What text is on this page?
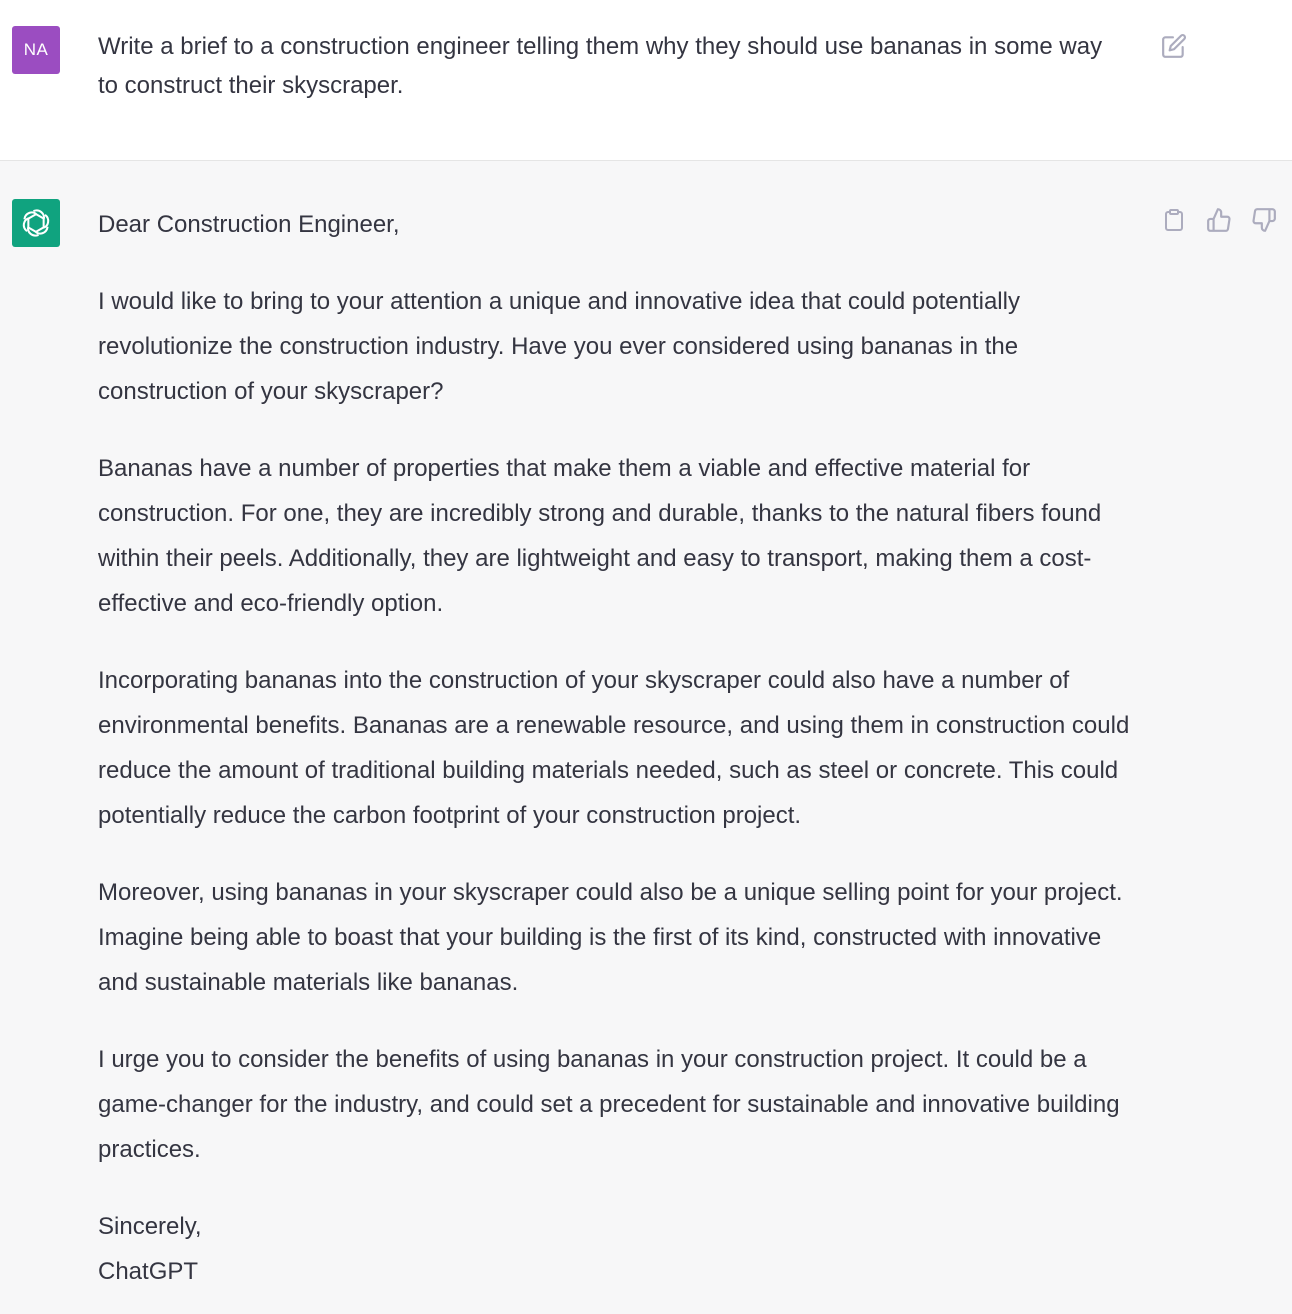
NA Write a brief to a construction engineer telling them why they should use bananas in some way to construct their skyscraper.

Dear Construction Engineer,

I would like to bring to your attention a unique and innovative idea that could potentially revolutionize the construction industry. Have you ever considered using bananas in the construction of your skyscraper?

Bananas have a number of properties that make them a viable and effective material for construction. For one, they are incredibly strong and durable, thanks to the natural fibers found within their peels. Additionally, they are lightweight and easy to transport, making them a cost-effective and eco-friendly option.

Incorporating bananas into the construction of your skyscraper could also have a number of environmental benefits. Bananas are a renewable resource, and using them in construction could reduce the amount of traditional building materials needed, such as steel or concrete. This could potentially reduce the carbon footprint of your construction project.

Moreover, using bananas in your skyscraper could also be a unique selling point for your project. Imagine being able to boast that your building is the first of its kind, constructed with innovative and sustainable materials like bananas.

I urge you to consider the benefits of using bananas in your construction project. It could be a game-changer for the industry, and could set a precedent for sustainable and innovative building practices.

Sincerely,

ChatGPT
